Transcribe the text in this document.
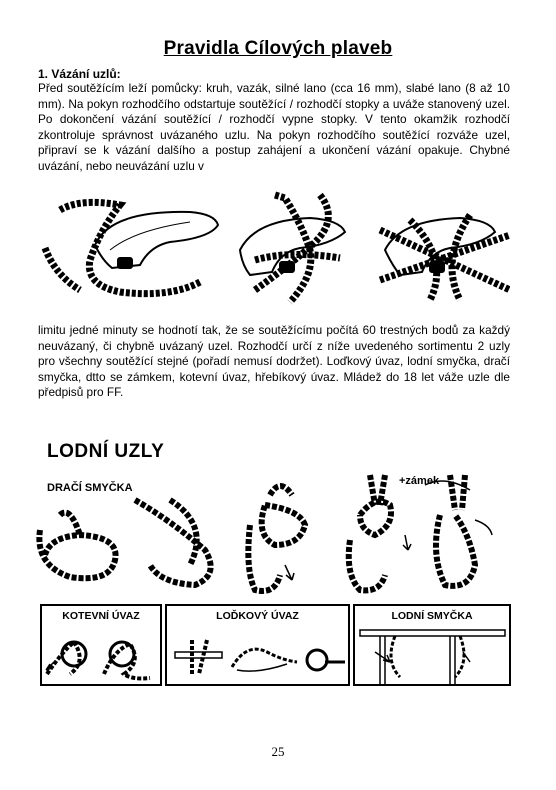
Pravidla Cílových plaveb
1. Vázání uzlů:
Před soutěžícím leží pomůcky: kruh, vazák, silné lano (cca 16 mm), slabé lano (8 až 10 mm). Na pokyn rozhodčího odstartuje soutěžící / rozhodčí stopky a uváže stanovený uzel. Po dokončení vázání soutěžící / rozhodčí vypne stopky. V tento okamžik rozhodčí zkontroluje správnost uvázaného uzlu. Na pokyn rozhodčího soutěžící rozváže uzel, připraví se k vázání dalšího a postup zahájení a ukončení vázání opakuje. Chybné uvázání, nebo neuvázání uzlu v
limitu jedné minuty se hodnotí tak, že se soutěžícímu počítá 60 trestných bodů za každý neuvázaný, či chybně uvázaný uzel. Rozhodčí určí z níže uvedeného sortimentu 2 uzly pro všechny soutěžící stejné (pořadí nemusí dodržet). Loďkový úvaz, lodní smyčka, dračí smyčka, dtto se zámkem, kotevní úvaz, hřebíkový úvaz. Mládež do 18 let váže uzle dle předpisů pro FF.
LODNÍ UZLY
DRAČÍ SMYČKA
+zámek
KOTEVNÍ ÚVAZ	LOĎKOVÝ ÚVAZ	LODNÍ SMYČKA
25
